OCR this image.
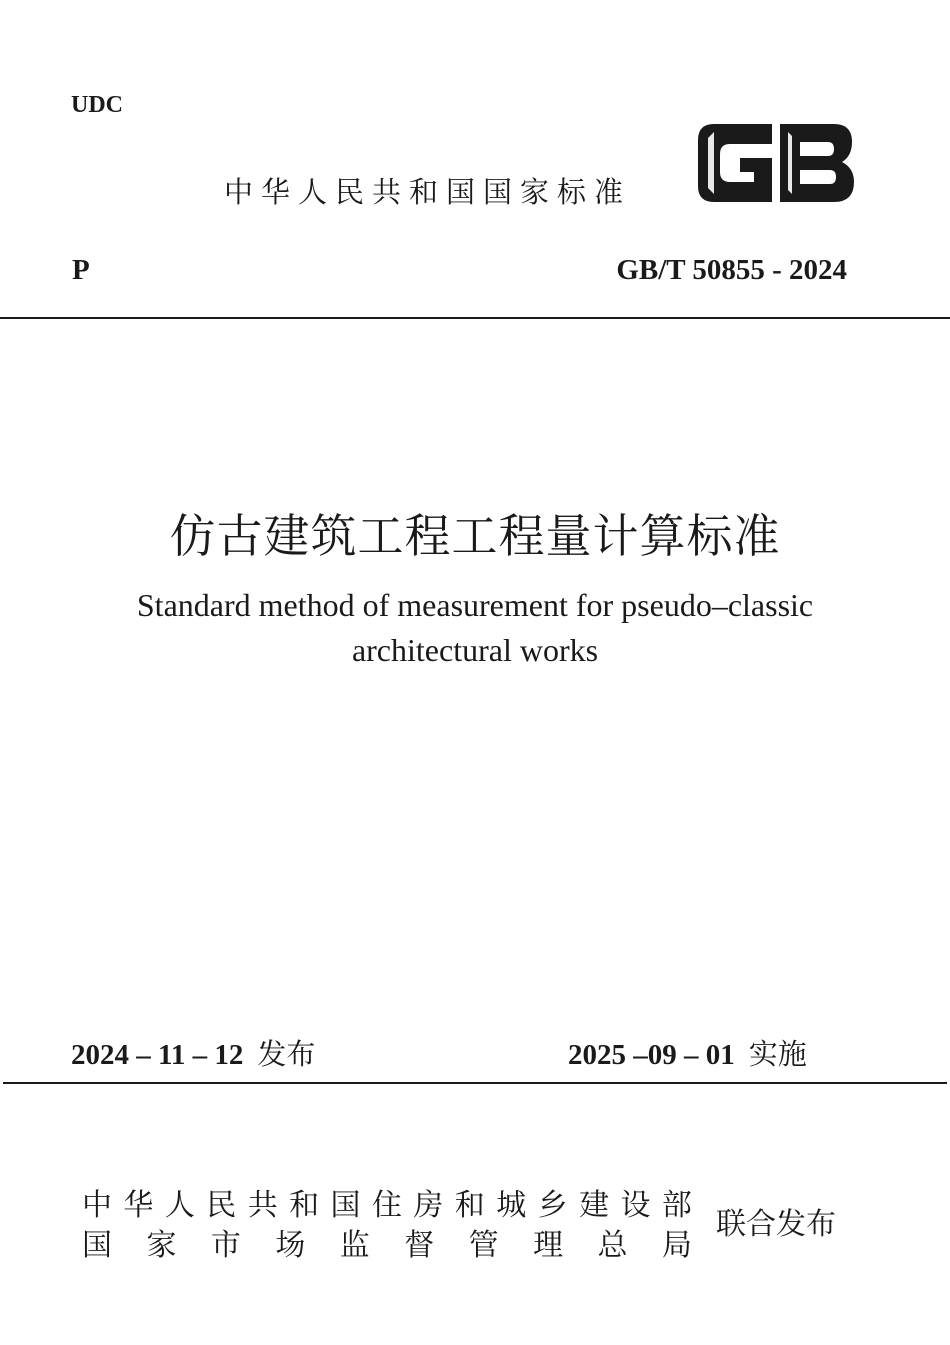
UDC
中华人民共和国国家标准
P	GB/T 50855 - 2024
仿古建筑工程工程量计算标准
Standard method of measurement for pseudo–classic
architectural works
2024 – 11 – 12 发布	2025 –09 – 01 实施
中 华 人 民 共 和 国 住 房 和 城 乡 建 设 部
国 家 市 场 监 督 管 理 总 局
联合发布
